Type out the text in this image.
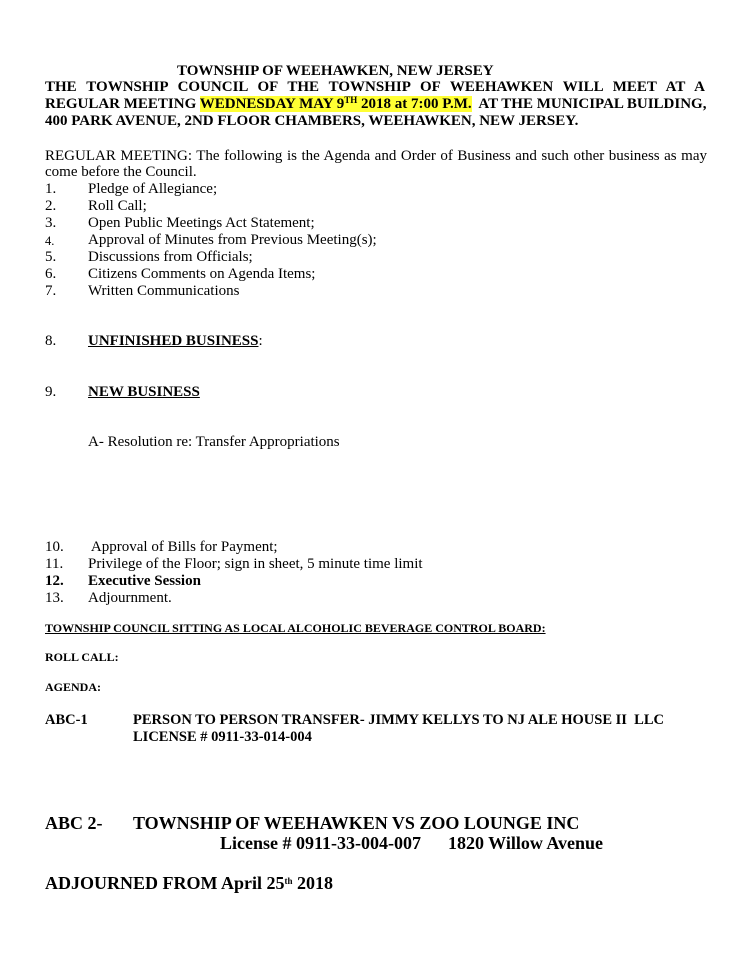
TOWNSHIP OF WEEHAWKEN, NEW JERSEY
THE TOWNSHIP COUNCIL OF THE TOWNSHIP OF WEEHAWKEN WILL MEET AT A
REGULAR MEETING WEDNESDAY MAY 9TH 2018 at 7:00 P.M.  AT THE MUNICIPAL BUILDING,
400 PARK AVENUE, 2ND FLOOR CHAMBERS, WEEHAWKEN, NEW JERSEY.
REGULAR MEETING: The following is the Agenda and Order of Business and such other business as may
come before the Council.
1. Pledge of Allegiance;
2. Roll Call;
3. Open Public Meetings Act Statement;
4. Approval of Minutes from Previous Meeting(s);
5. Discussions from Officials;
6. Citizens Comments on Agenda Items;
7. Written Communications
8. UNFINISHED BUSINESS:
9. NEW BUSINESS
A- Resolution re: Transfer Appropriations
10. Approval of Bills for Payment;
11. Privilege of the Floor; sign in sheet, 5 minute time limit
12. Executive Session
13. Adjournment.
TOWNSHIP COUNCIL SITTING AS LOCAL ALCOHOLIC BEVERAGE CONTROL BOARD:
ROLL CALL:
AGENDA:
ABC-1	PERSON TO PERSON TRANSFER- JIMMY KELLYS TO NJ ALE HOUSE II  LLC
LICENSE # 0911-33-014-004
ABC 2- TOWNSHIP OF WEEHAWKEN VS ZOO LOUNGE INC
License # 0911-33-004-007      1820 Willow Avenue
ADJOURNED FROM April 25th 2018
